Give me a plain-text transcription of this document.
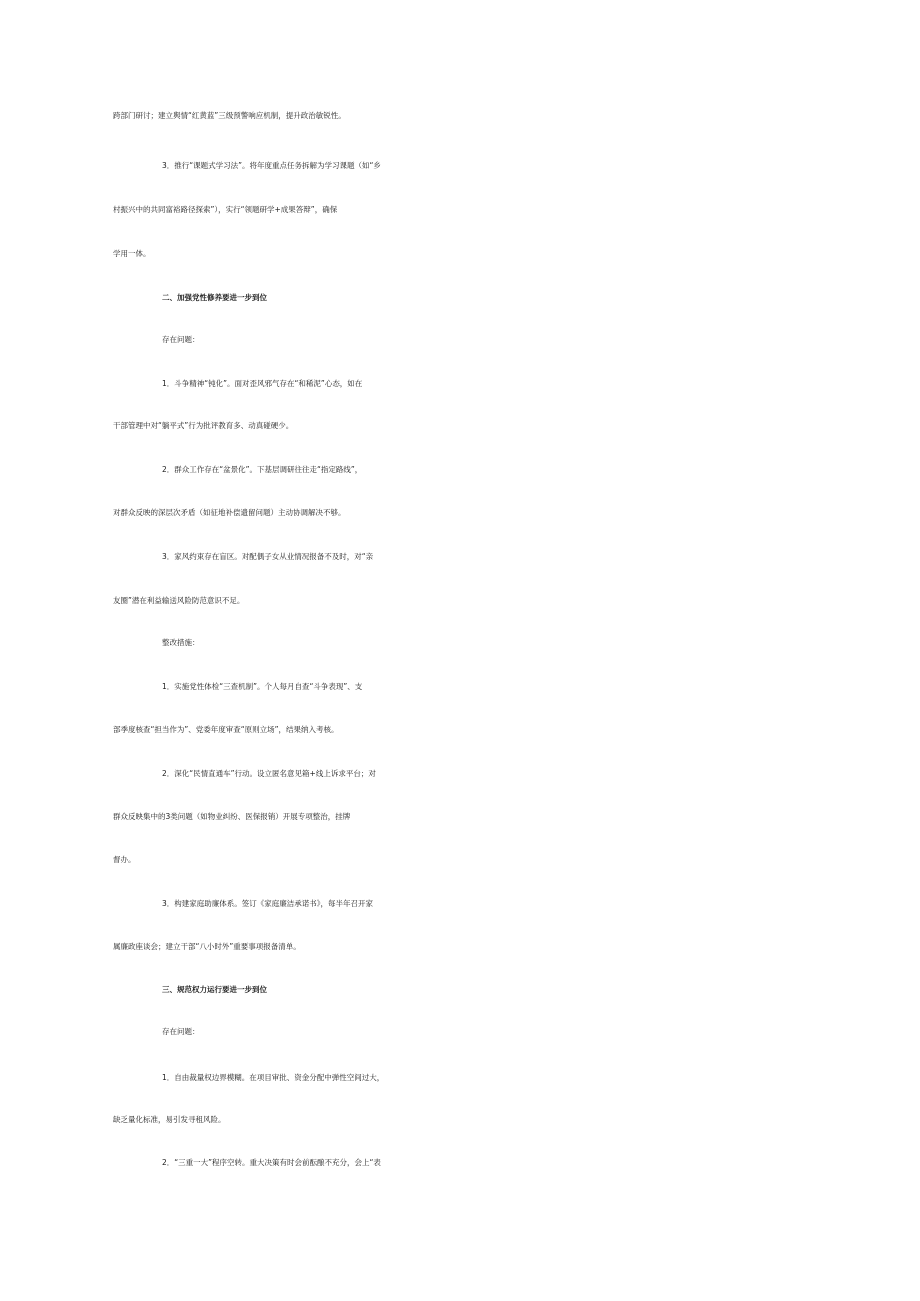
跨部门研讨；建立舆情“红黄蓝”三级预警响应机制，提升政治敏锐性。
3．推行“课题式学习法”。将年度重点任务拆解为学习课题（如“乡
村振兴中的共同富裕路径探索”），实行“领题研学+成果答辩”，确保
学用一体。
二、加强党性修养要进一步到位
存在问题：
1．斗争精神“钝化”。面对歪风邪气存在“和稀泥”心态，如在
干部管理中对“躺平式”行为批评教育多、动真碰硬少。
2．群众工作存在“盆景化”。下基层调研往往走“指定路线”，
对群众反映的深层次矛盾（如征地补偿遗留问题）主动协调解决不够。
3．家风约束存在盲区。对配偶子女从业情况报备不及时，对“亲
友圈”潜在利益输送风险防范意识不足。
整改措施：
1．实施党性体检“三查机制”。个人每月自查“斗争表现”、支
部季度核查“担当作为”、党委年度审查“原则立场”，结果纳入考核。
2．深化“民情直通车”行动。设立匿名意见箱+线上诉求平台；对
群众反映集中的3类问题（如物业纠纷、医保报销）开展专项整治，挂牌
督办。
3．构建家庭助廉体系。签订《家庭廉洁承诺书》，每半年召开家
属廉政座谈会；建立干部“八小时外”重要事项报备清单。
三、规范权力运行要进一步到位
存在问题：
1．自由裁量权边界模糊。在项目审批、资金分配中弹性空间过大，
缺乏量化标准，易引发寻租风险。
2．“三重一大”程序空转。重大决策有时会前酝酿不充分，会上“表
